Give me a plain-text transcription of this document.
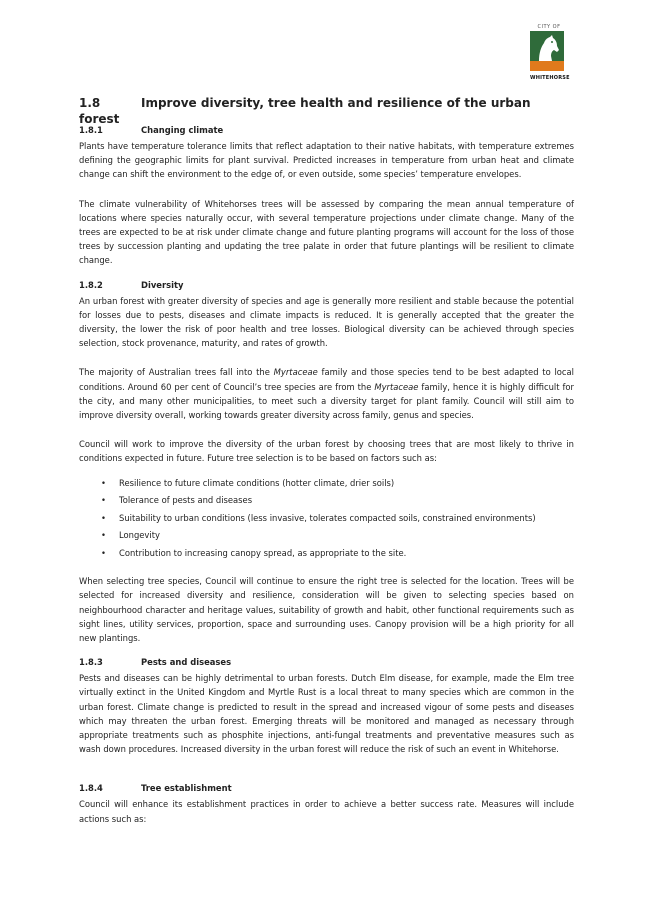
CITY OF
WHITEHORSE
1.8	Improve diversity, tree health and resilience of the urban forest
1.8.1	Changing climate

Plants have temperature tolerance limits that reflect adaptation to their native habitats, with temperature extremes defining the geographic limits for plant survival. Predicted increases in temperature from urban heat and climate change can shift the environment to the edge of, or even outside, some species’ temperature envelopes.

The climate vulnerability of Whitehorses trees will be assessed by comparing the mean annual temperature of locations where species naturally occur, with several temperature projections under climate change. Many of the trees are expected to be at risk under climate change and future planting programs will account for the loss of those trees by succession planting and updating the tree palate in order that future plantings will be resilient to climate change.

1.8.2	Diversity

An urban forest with greater diversity of species and age is generally more resilient and stable because the potential for losses due to pests, diseases and climate impacts is reduced. It is generally accepted that the greater the diversity, the lower the risk of poor health and tree losses. Biological diversity can be achieved through species selection, stock provenance, maturity, and rates of growth.

The majority of Australian trees fall into the Myrtaceae family and those species tend to be best adapted to local conditions. Around 60 per cent of Council’s tree species are from the Myrtaceae family, hence it is highly difficult for the city, and many other municipalities, to meet such a diversity target for plant family. Council will still aim to improve diversity overall, working towards greater diversity across family, genus and species.

Council will work to improve the diversity of the urban forest by choosing trees that are most likely to thrive in conditions expected in future. Future tree selection is to be based on factors such as:

• Resilience to future climate conditions (hotter climate, drier soils)
• Tolerance of pests and diseases
• Suitability to urban conditions (less invasive, tolerates compacted soils, constrained environments)
• Longevity
• Contribution to increasing canopy spread, as appropriate to the site.

When selecting tree species, Council will continue to ensure the right tree is selected for the location. Trees will be selected for increased diversity and resilience, consideration will be given to selecting species based on neighbourhood character and heritage values, suitability of growth and habit, other functional requirements such as sight lines, utility services, proportion, space and surrounding uses. Canopy provision will be a high priority for all new plantings.

1.8.3	Pests and diseases

Pests and diseases can be highly detrimental to urban forests. Dutch Elm disease, for example, made the Elm tree virtually extinct in the United Kingdom and Myrtle Rust is a local threat to many species which are common in the urban forest. Climate change is predicted to result in the spread and increased vigour of some pests and diseases which may threaten the urban forest. Emerging threats will be monitored and managed as necessary through appropriate treatments such as phosphite injections, anti-fungal treatments and preventative measures such as wash down procedures. Increased diversity in the urban forest will reduce the risk of such an event in Whitehorse.

1.8.4	Tree establishment

Council will enhance its establishment practices in order to achieve a better success rate. Measures will include actions such as:
